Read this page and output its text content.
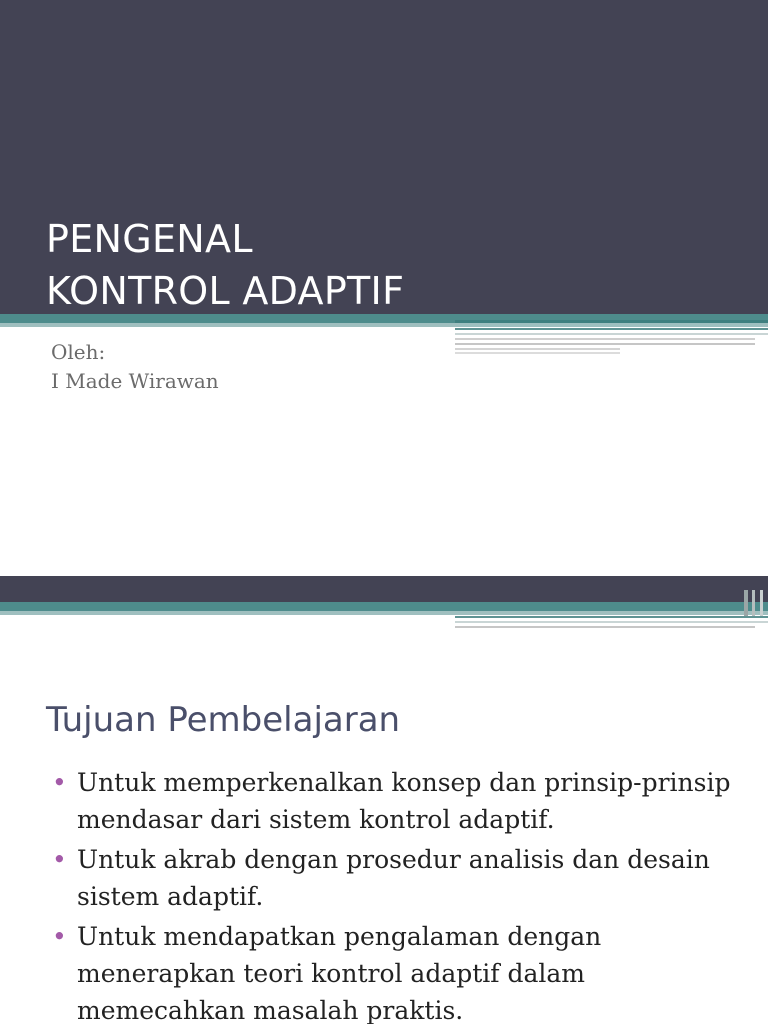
PENGENAL
KONTROL ADAPTIF
Oleh:
I Made Wirawan
Tujuan Pembelajaran
• Untuk memperkenalkan konsep dan prinsip-prinsip mendasar dari sistem kontrol adaptif.
• Untuk akrab dengan prosedur analisis dan desain sistem adaptif.
• Untuk mendapatkan pengalaman dengan menerapkan teori kontrol adaptif dalam memecahkan masalah praktis.
